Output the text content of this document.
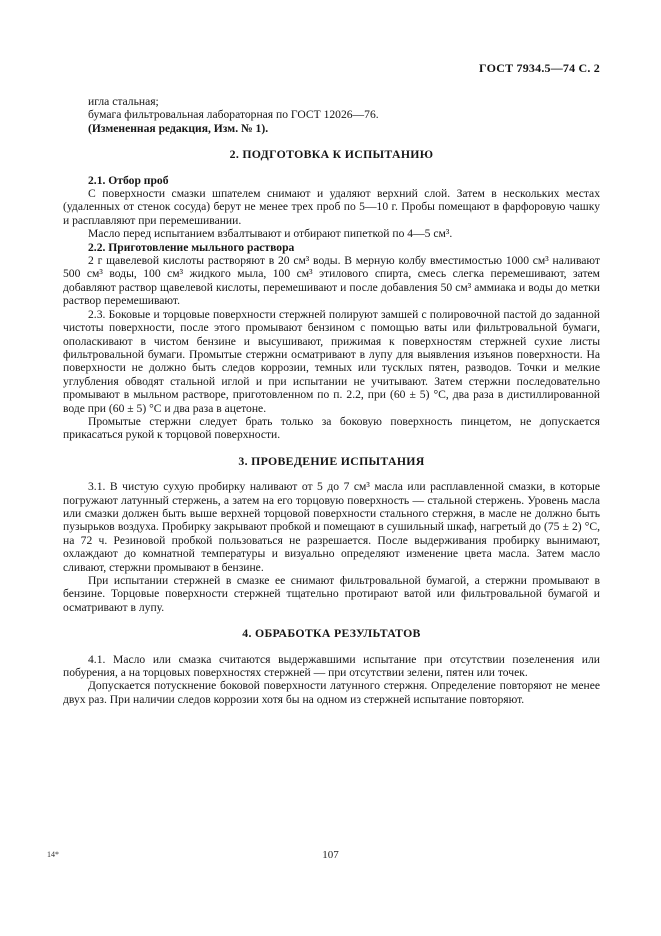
ГОСТ 7934.5—74 С. 2

игла стальная;

бумага фильтровальная лабораторная по ГОСТ 12026—76.

(Измененная редакция, Изм. № 1).

2. ПОДГОТОВКА К ИСПЫТАНИЮ

2.1. Отбор проб

С поверхности смазки шпателем снимают и удаляют верхний слой. Затем в нескольких местах (удаленных от стенок сосуда) берут не менее трех проб по 5—10 г. Пробы помещают в фарфоровую чашку и расплавляют при перемешивании.

Масло перед испытанием взбалтывают и отбирают пипеткой по 4—5 см³.

2.2. Приготовление мыльного раствора

2 г щавелевой кислоты растворяют в 20 см³ воды. В мерную колбу вместимостью 1000 см³ наливают 500 см³ воды, 100 см³ жидкого мыла, 100 см³ этилового спирта, смесь слегка перемешивают, затем добавляют раствор щавелевой кислоты, перемешивают и после добавления 50 см³ аммиака и воды до метки раствор перемешивают.

2.3. Боковые и торцовые поверхности стержней полируют замшей с полировочной пастой до заданной чистоты поверхности, после этого промывают бензином с помощью ваты или фильтровальной бумаги, ополаскивают в чистом бензине и высушивают, прижимая к поверхностям стержней сухие листы фильтровальной бумаги. Промытые стержни осматривают в лупу для выявления изъянов поверхности. На поверхности не должно быть следов коррозии, темных или тусклых пятен, разводов. Точки и мелкие углубления обводят стальной иглой и при испытании не учитывают. Затем стержни последовательно промывают в мыльном растворе, приготовленном по п. 2.2, при (60 ± 5) °С, два раза в дистиллированной воде при (60 ± 5) °С и два раза в ацетоне.

Промытые стержни следует брать только за боковую поверхность пинцетом, не допускается прикасаться рукой к торцовой поверхности.

3. ПРОВЕДЕНИЕ ИСПЫТАНИЯ

3.1. В чистую сухую пробирку наливают от 5 до 7 см³ масла или расплавленной смазки, в которые погружают латунный стержень, а затем на его торцовую поверхность — стальной стержень. Уровень масла или смазки должен быть выше верхней торцовой поверхности стального стержня, в масле не должно быть пузырьков воздуха. Пробирку закрывают пробкой и помещают в сушильный шкаф, нагретый до (75 ± 2) °С, на 72 ч. Резиновой пробкой пользоваться не разрешается. После выдерживания пробирку вынимают, охлаждают до комнатной температуры и визуально определяют изменение цвета масла. Затем масло сливают, стержни промывают в бензине.

При испытании стержней в смазке ее снимают фильтровальной бумагой, а стержни промывают в бензине. Торцовые поверхности стержней тщательно протирают ватой или фильтровальной бумагой и осматривают в лупу.

4. ОБРАБОТКА РЕЗУЛЬТАТОВ

4.1. Масло или смазка считаются выдержавшими испытание при отсутствии позеленения или побурения, а на торцовых поверхностях стержней — при отсутствии зелени, пятен или точек.

Допускается потускнение боковой поверхности латунного стержня. Определение повторяют не менее двух раз. При наличии следов коррозии хотя бы на одном из стержней испытание повторяют.

14*	107
